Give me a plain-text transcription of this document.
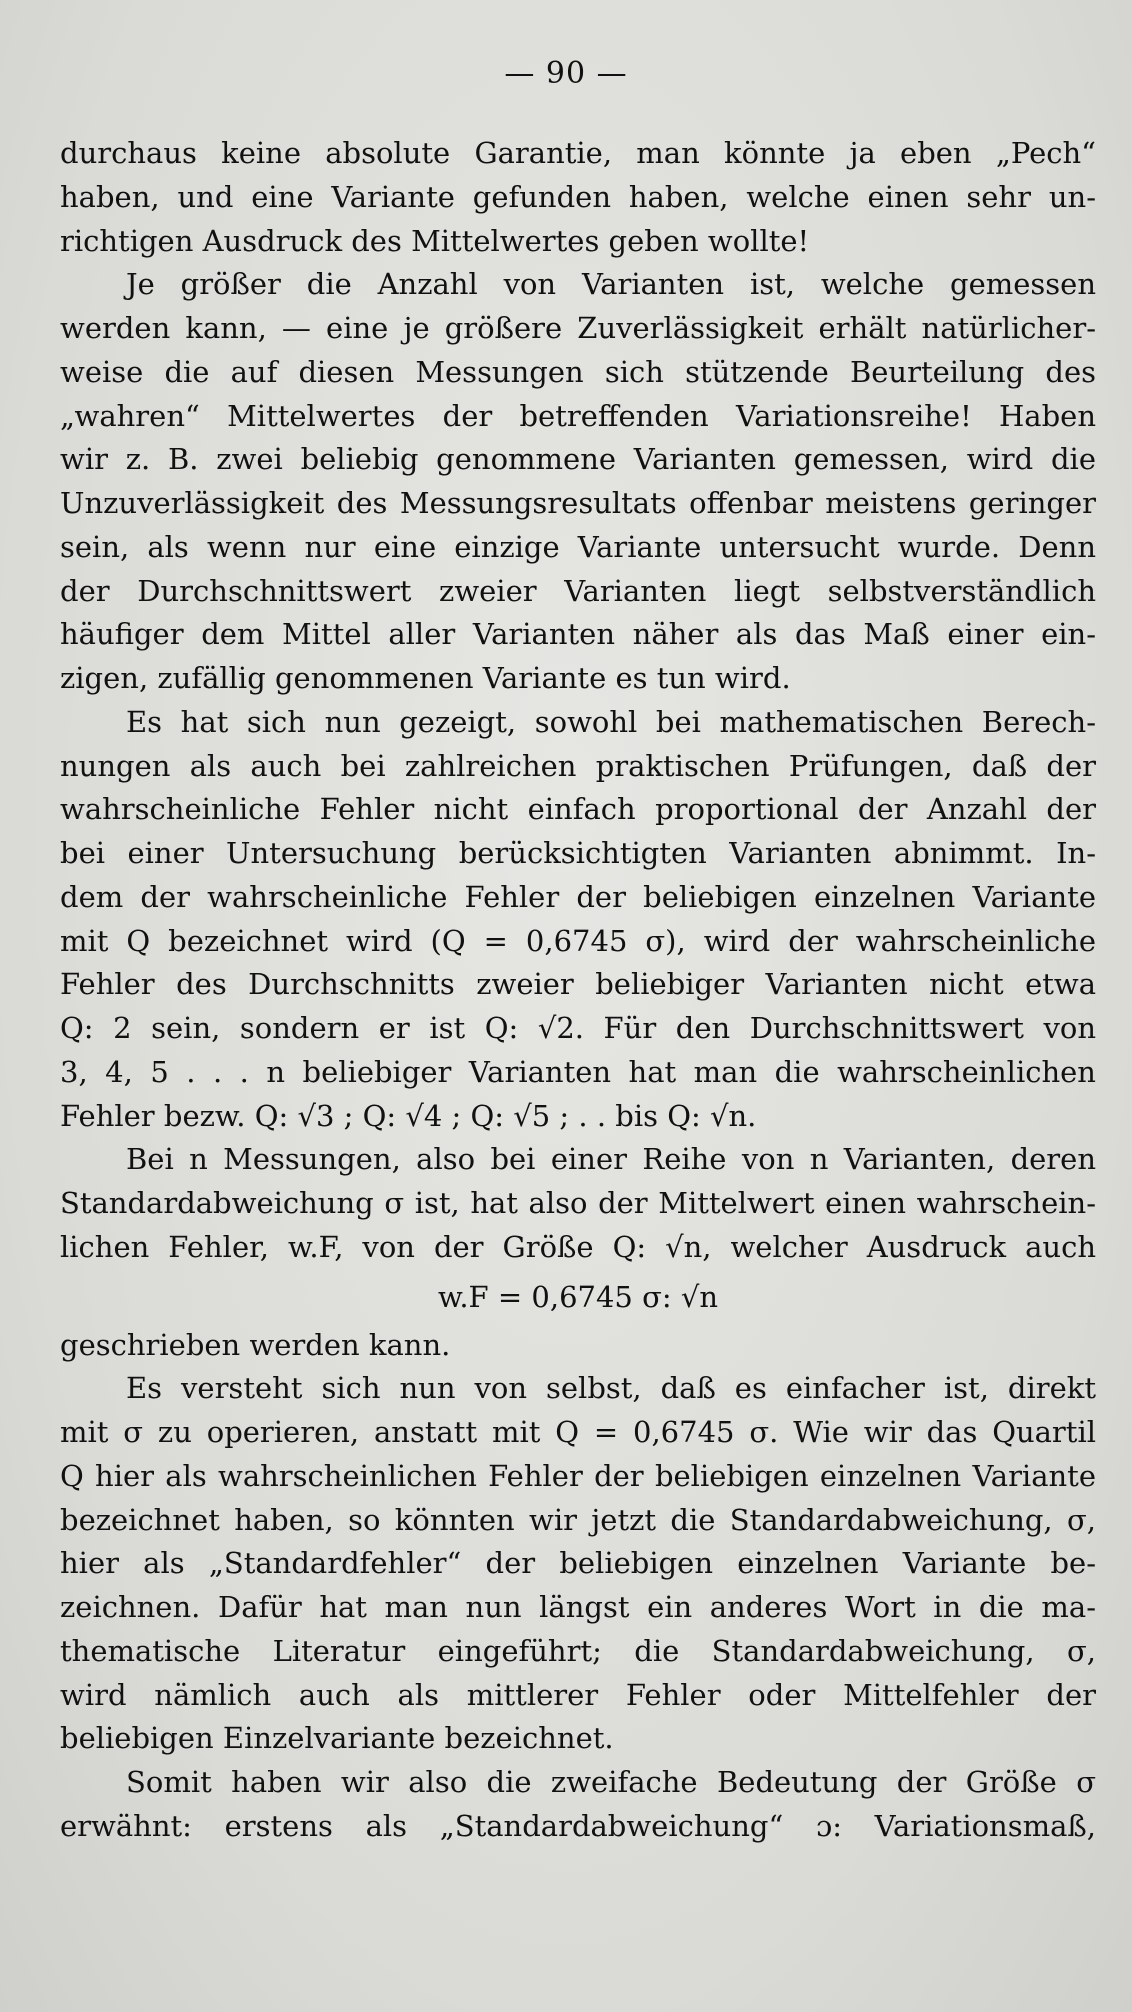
— 90 —
durchaus keine absolute Garantie, man könnte ja eben „Pech“
haben, und eine Variante gefunden haben, welche einen sehr un-
richtigen Ausdruck des Mittelwertes geben wollte!
Je größer die Anzahl von Varianten ist, welche gemessen
werden kann, — eine je größere Zuverlässigkeit erhält natürlicher-
weise die auf diesen Messungen sich stützende Beurteilung des
„wahren“ Mittelwertes der betreffenden Variationsreihe! Haben
wir z. B. zwei beliebig genommene Varianten gemessen, wird die
Unzuverlässigkeit des Messungsresultats offenbar meistens geringer
sein, als wenn nur eine einzige Variante untersucht wurde. Denn
der Durchschnittswert zweier Varianten liegt selbstverständlich
häufiger dem Mittel aller Varianten näher als das Maß einer ein-
zigen, zufällig genommenen Variante es tun wird.
Es hat sich nun gezeigt, sowohl bei mathematischen Berech-
nungen als auch bei zahlreichen praktischen Prüfungen, daß der
wahrscheinliche Fehler nicht einfach proportional der Anzahl der
bei einer Untersuchung berücksichtigten Varianten abnimmt. In-
dem der wahrscheinliche Fehler der beliebigen einzelnen Variante
mit Q bezeichnet wird (Q = 0,6745 σ), wird der wahrscheinliche
Fehler des Durchschnitts zweier beliebiger Varianten nicht etwa
Q: 2 sein, sondern er ist Q: √2. Für den Durchschnittswert von
3, 4, 5 . . . n beliebiger Varianten hat man die wahrscheinlichen
Fehler bezw. Q: √3 ; Q: √4 ; Q: √5 ; . . bis Q: √n.
Bei n Messungen, also bei einer Reihe von n Varianten, deren
Standardabweichung σ ist, hat also der Mittelwert einen wahrschein-
lichen Fehler, w.F, von der Größe Q: √n, welcher Ausdruck auch
w.F = 0,6745 σ: √n
geschrieben werden kann.
Es versteht sich nun von selbst, daß es einfacher ist, direkt
mit σ zu operieren, anstatt mit Q = 0,6745 σ. Wie wir das Quartil
Q hier als wahrscheinlichen Fehler der beliebigen einzelnen Variante
bezeichnet haben, so könnten wir jetzt die Standardabweichung, σ,
hier als „Standardfehler“ der beliebigen einzelnen Variante be-
zeichnen. Dafür hat man nun längst ein anderes Wort in die ma-
thematische Literatur eingeführt; die Standardabweichung, σ,
wird nämlich auch als mittlerer Fehler oder Mittelfehler der
beliebigen Einzelvariante bezeichnet.
Somit haben wir also die zweifache Bedeutung der Größe σ
erwähnt: erstens als „Standardabweichung“ ɔ: Variationsmaß,
